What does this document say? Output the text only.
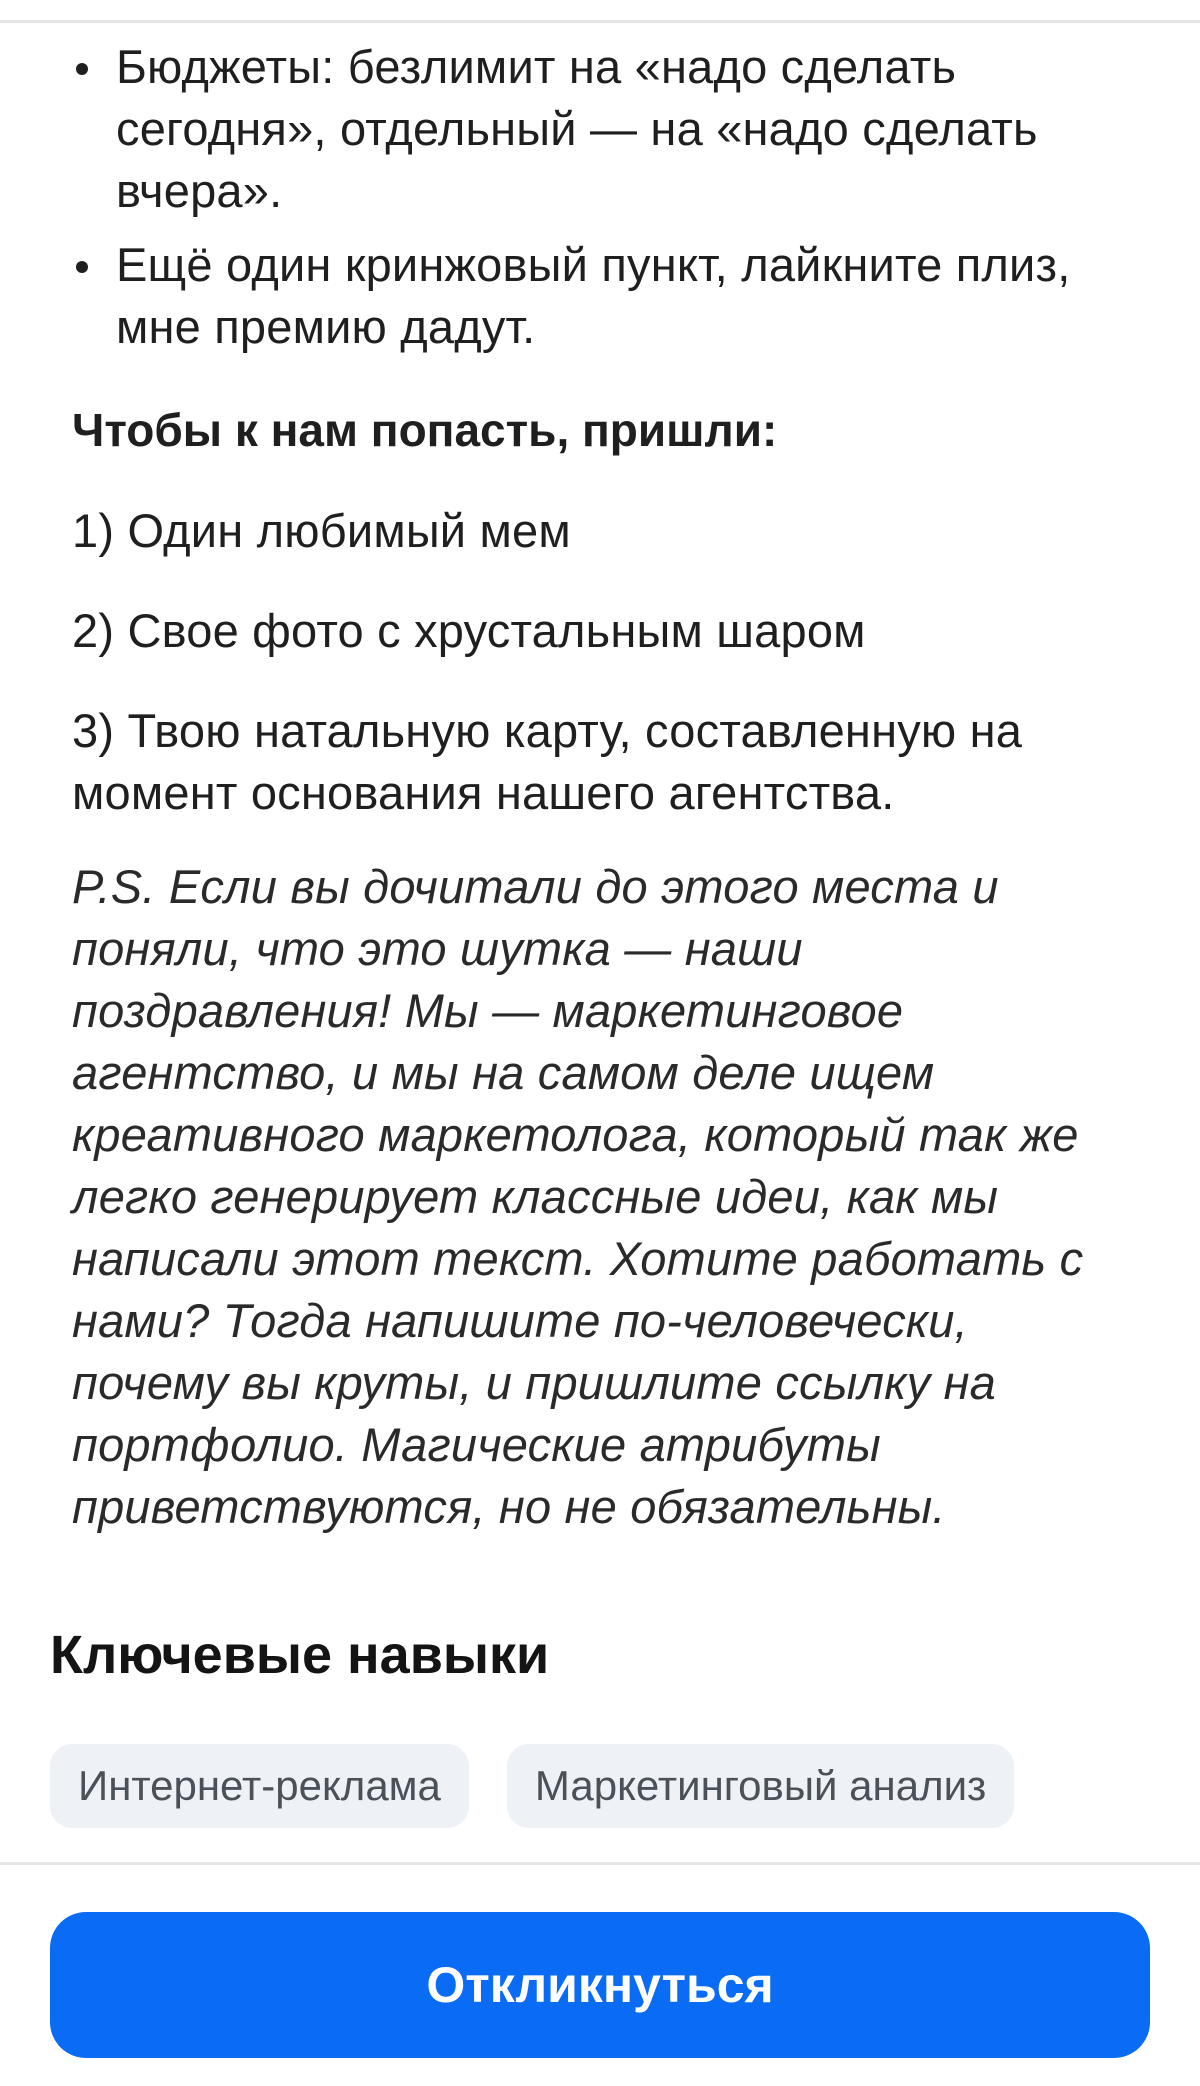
Бюджеты: безлимит на «надо сделать сегодня», отдельный — на «надо сделать вчера».
Ещё один кринжовый пункт, лайкните плиз, мне премию дадут.

Чтобы к нам попасть, пришли:

1) Один любимый мем

2) Свое фото с хрустальным шаром

3) Твою натальную карту, составленную на момент основания нашего агентства.

P.S. Если вы дочитали до этого места и поняли, что это шутка — наши поздравления! Мы — маркетинговое агентство, и мы на самом деле ищем креативного маркетолога, который так же легко генерирует классные идеи, как мы написали этот текст. Хотите работать с нами? Тогда напишите по-человечески, почему вы круты, и пришлите ссылку на портфолио. Магические атрибуты приветствуются, но не обязательны.

Ключевые навыки
Интернет-реклама	Маркетинговый анализ
Откликнуться
